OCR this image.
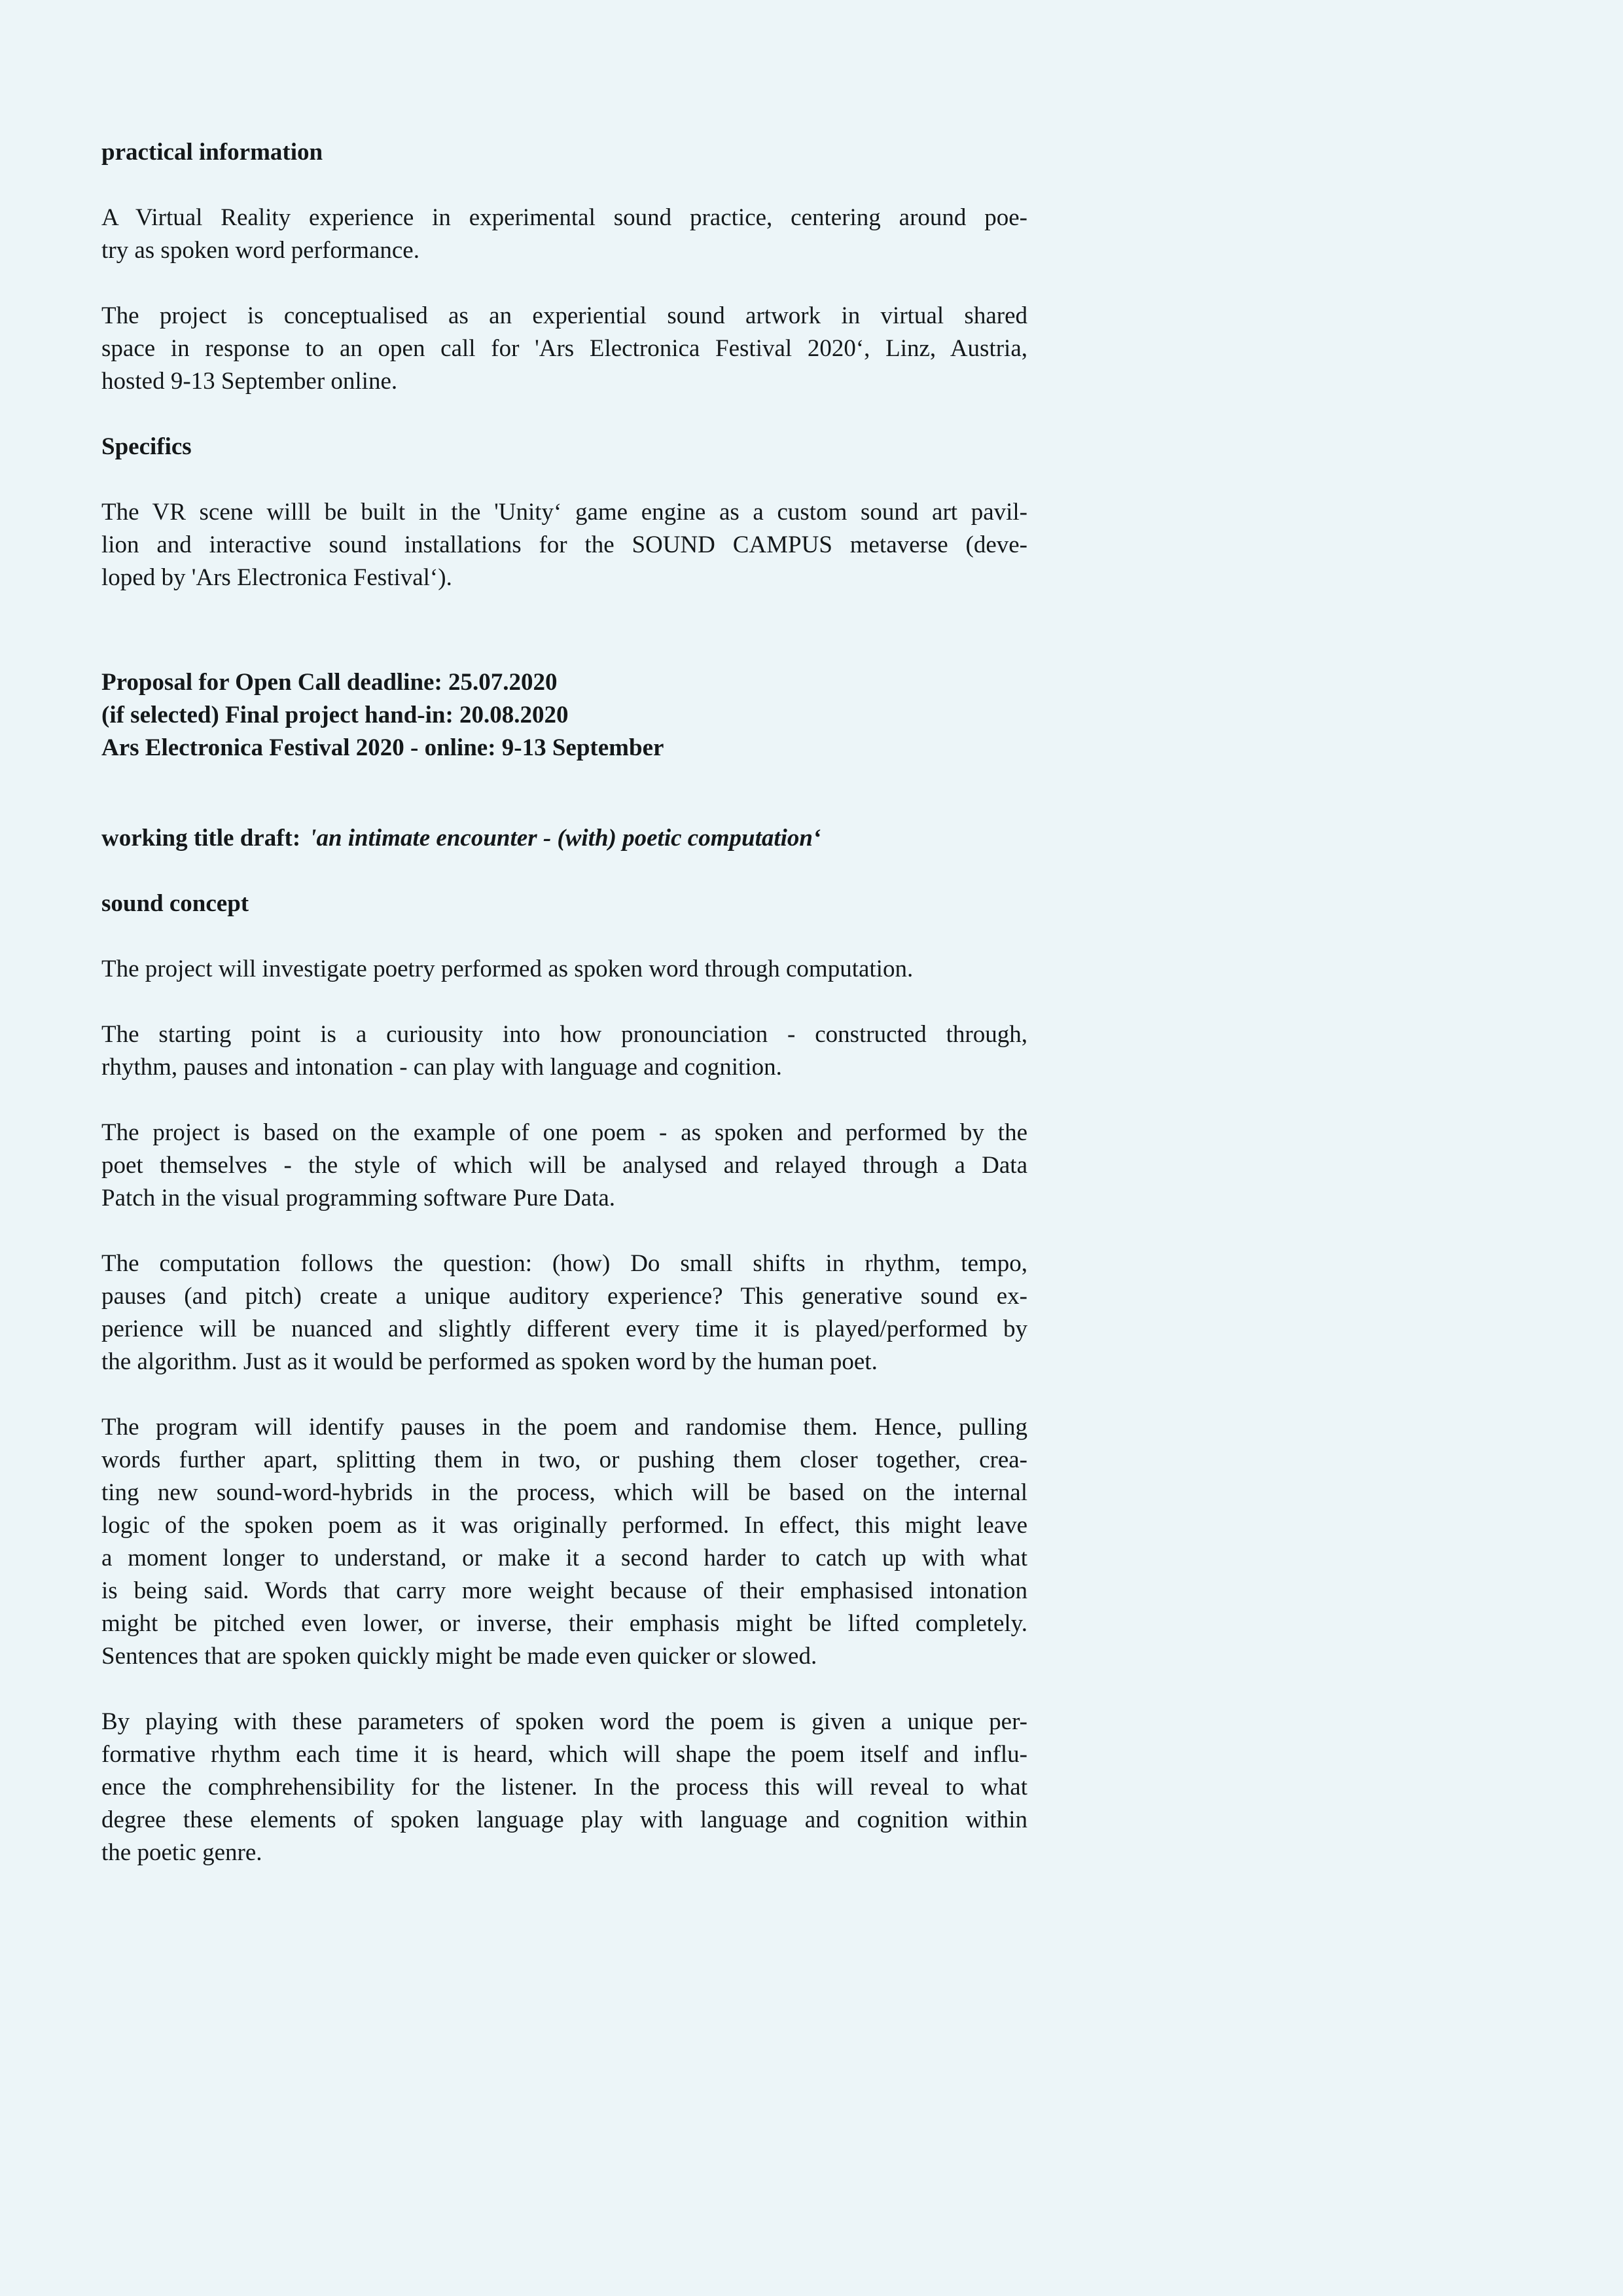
practical information
A Virtual Reality experience in experimental sound practice, centering around poe-
try as spoken word performance.
The project is conceptualised as an experiential sound artwork in virtual shared
space in response to an open call for 'Ars Electronica Festival 2020‘, Linz, Austria,
hosted 9-13 September online.
Specifics
The VR scene willl be built in the 'Unity‘ game engine as a custom sound art pavil-
lion and interactive sound installations for the SOUND CAMPUS metaverse (deve-
loped by 'Ars Electronica Festival‘).
Proposal for Open Call deadline: 25.07.2020
(if selected) Final project hand-in: 20.08.2020
Ars Electronica Festival 2020 - online: 9-13 September
working title draft: 'an intimate encounter - (with) poetic computation‘
sound concept
The project will investigate poetry performed as spoken word through computation.
The starting point is a curiousity into how pronounciation - constructed through,
rhythm, pauses and intonation - can play with language and cognition.
The project is based on the example of one poem - as spoken and performed by the
poet themselves - the style of which will be analysed and relayed through a Data
Patch in the visual programming software Pure Data.
The computation follows the question: (how) Do small shifts in rhythm, tempo,
pauses (and pitch) create a unique auditory experience? This generative sound ex-
perience will be nuanced and slightly different every time it is played/performed by
the algorithm. Just as it would be performed as spoken word by the human poet.
The program will identify pauses in the poem and randomise them. Hence, pulling
words further apart, splitting them in two, or pushing them closer together, crea-
ting new sound-word-hybrids in the process, which will be based on the internal
logic of the spoken poem as it was originally performed. In effect, this might leave
a moment longer to understand, or make it a second harder to catch up with what
is being said. Words that carry more weight because of their emphasised intonation
might be pitched even lower, or inverse, their emphasis might be lifted completely.
Sentences that are spoken quickly might be made even quicker or slowed.
By playing with these parameters of spoken word the poem is given a unique per-
formative rhythm each time it is heard, which will shape the poem itself and influ-
ence the comphrehensibility for the listener. In the process this will reveal to what
degree these elements of spoken language play with language and cognition within
the poetic genre.
